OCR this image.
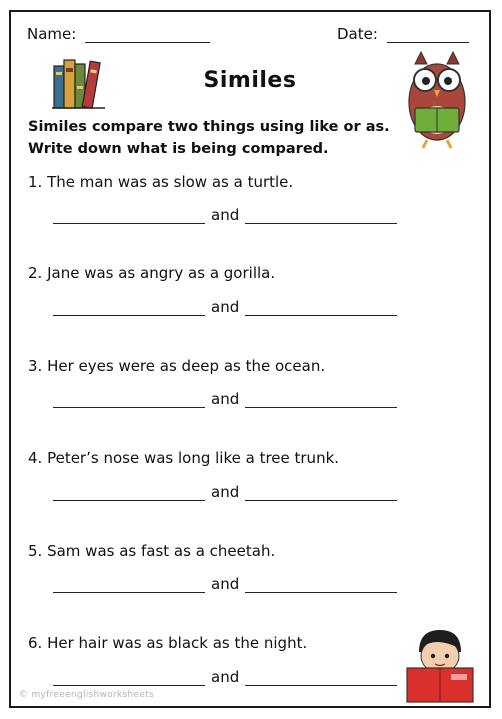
Name:	Date:
Similes
Similes compare two things using like or as.
Write down what is being compared.
1. The man was as slow as a turtle.
and
2. Jane was as angry as a gorilla.
and
3. Her eyes were as deep as the ocean.
and
4. Peter’s nose was long like a tree trunk.
and
5. Sam was as fast as a cheetah.
and
6. Her hair was as black as the night.
and
© myfreeenglishworksheets
